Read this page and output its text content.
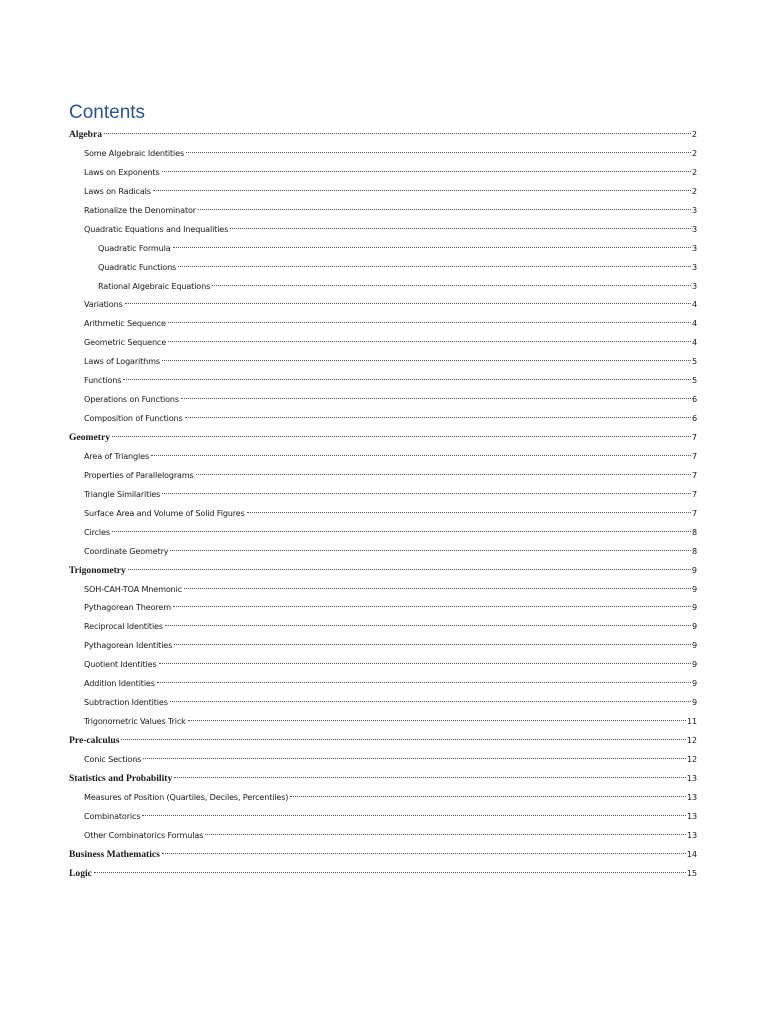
Contents
Algebra	2
Some Algebraic Identities	2
Laws on Exponents	2
Laws on Radicals	2
Rationalize the Denominator	3
Quadratic Equations and Inequalities	3
Quadratic Formula	3
Quadratic Functions	3
Rational Algebraic Equations	3
Variations	4
Arithmetic Sequence	4
Geometric Sequence	4
Laws of Logarithms	5
Functions	5
Operations on Functions	6
Composition of Functions	6
Geometry	7
Area of Triangles	7
Properties of Parallelograms	7
Triangle Similarities	7
Surface Area and Volume of Solid Figures	7
Circles	8
Coordinate Geometry	8
Trigonometry	9
SOH-CAH-TOA Mnemonic	9
Pythagorean Theorem	9
Reciprocal Identities	9
Pythagorean Identities	9
Quotient Identities	9
Addition Identities	9
Subtraction Identities	9
Trigonometric Values Trick	11
Pre-calculus	12
Conic Sections	12
Statistics and Probability	13
Measures of Position (Quartiles, Deciles, Percentiles)	13
Combinatorics	13
Other Combinatorics Formulas	13
Business Mathematics	14
Logic	15
